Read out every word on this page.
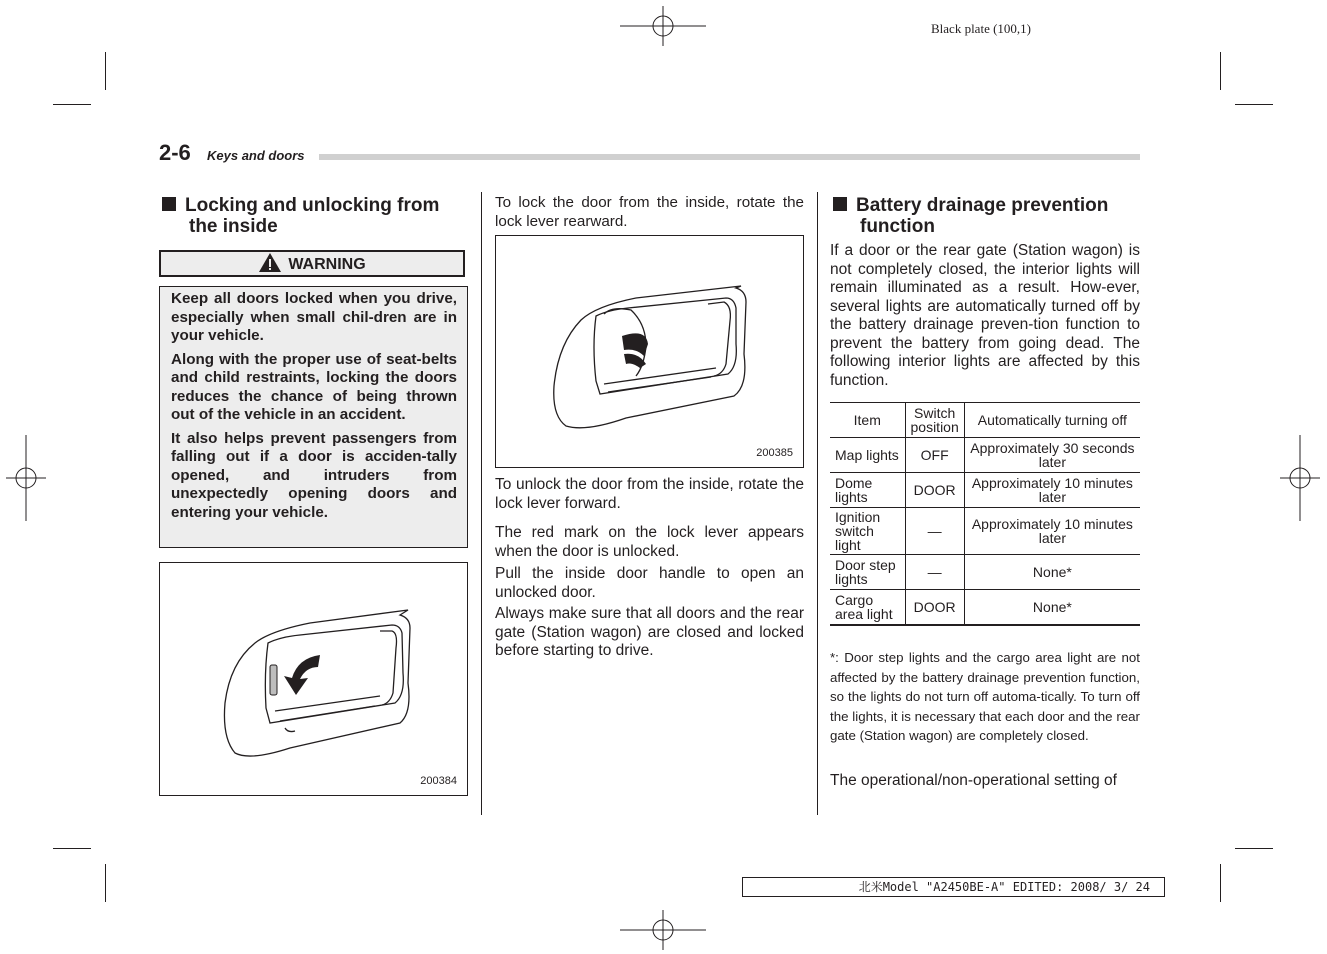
Black plate (100,1)
2-6 Keys and doors
Locking and unlocking from
the inside
WARNING

Keep all doors locked when you drive, especially when small chil-dren are in your vehicle.

Along with the proper use of seat-belts and child restraints, locking the doors reduces the chance of being thrown out of the vehicle in an accident.

It also helps prevent passengers from falling out if a door is acciden-tally opened, and intruders from unexpectedly opening doors and entering your vehicle.

200384
To lock the door from the inside, rotate the lock lever rearward.
200385

To unlock the door from the inside, rotate the lock lever forward.

The red mark on the lock lever appears when the door is unlocked.

Pull the inside door handle to open an unlocked door.

Always make sure that all doors and the rear gate (Station wagon) are closed and locked before starting to drive.

Battery drainage prevention
function
If a door or the rear gate (Station wagon) is not completely closed, the interior lights will remain illuminated as a result. How-ever, several lights are automatically turned off by the battery drainage preven-tion function to prevent the battery from going dead. The following interior lights are affected by this function.
Item	Switch position	Automatically turning off
Map lights	OFF	Approximately 30 seconds later
Dome lights	DOOR	Approximately 10 minutes later
Ignition switch light	—	Approximately 10 minutes later
Door step lights	—	None*
Cargo area light	DOOR	None*
*: Door step lights and the cargo area light are not affected by the battery drainage prevention function, so the lights do not turn off automa-tically. To turn off the lights, it is necessary that each door and the rear gate (Station wagon) are completely closed.
The operational/non-operational setting of
北米Model "A2450BE-A" EDITED: 2008/ 3/ 24
